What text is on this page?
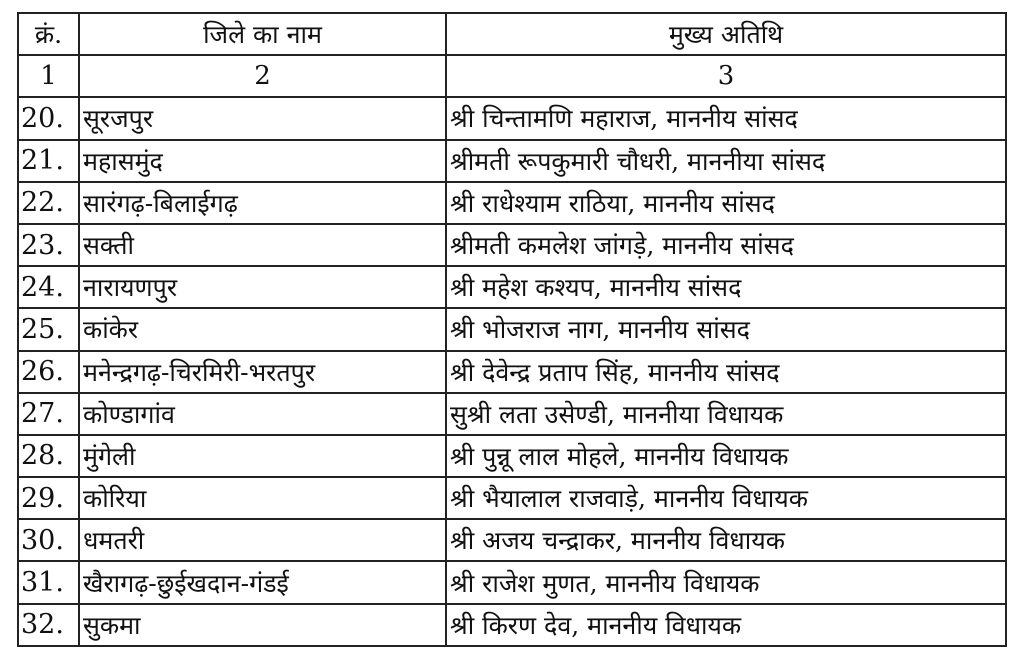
क्रं.	जिले का नाम	मुख्य अतिथि
1	2	3
20.	सूरजपुर	श्री चिन्तामणि महाराज, माननीय सांसद
21.	महासमुंद	श्रीमती रूपकुमारी चौधरी, माननीया सांसद
22.	सारंगढ़-बिलाईगढ़	श्री राधेश्याम राठिया, माननीय सांसद
23.	सक्ती	श्रीमती कमलेश जांगड़े, माननीय सांसद
24.	नारायणपुर	श्री महेश कश्यप, माननीय सांसद
25.	कांकेर	श्री भोजराज नाग, माननीय सांसद
26.	मनेन्द्रगढ़-चिरमिरी-भरतपुर	श्री देवेन्द्र प्रताप सिंह, माननीय सांसद
27.	कोण्डागांव	सुश्री लता उसेण्डी, माननीया विधायक
28.	मुंगेली	श्री पुन्नू लाल मोहले, माननीय विधायक
29.	कोरिया	श्री भैयालाल राजवाड़े, माननीय विधायक
30.	धमतरी	श्री अजय चन्द्राकर, माननीय विधायक
31.	खैरागढ़-छुईखदान-गंडई	श्री राजेश मुणत, माननीय विधायक
32.	सुकमा	श्री किरण देव, माननीय विधायक
